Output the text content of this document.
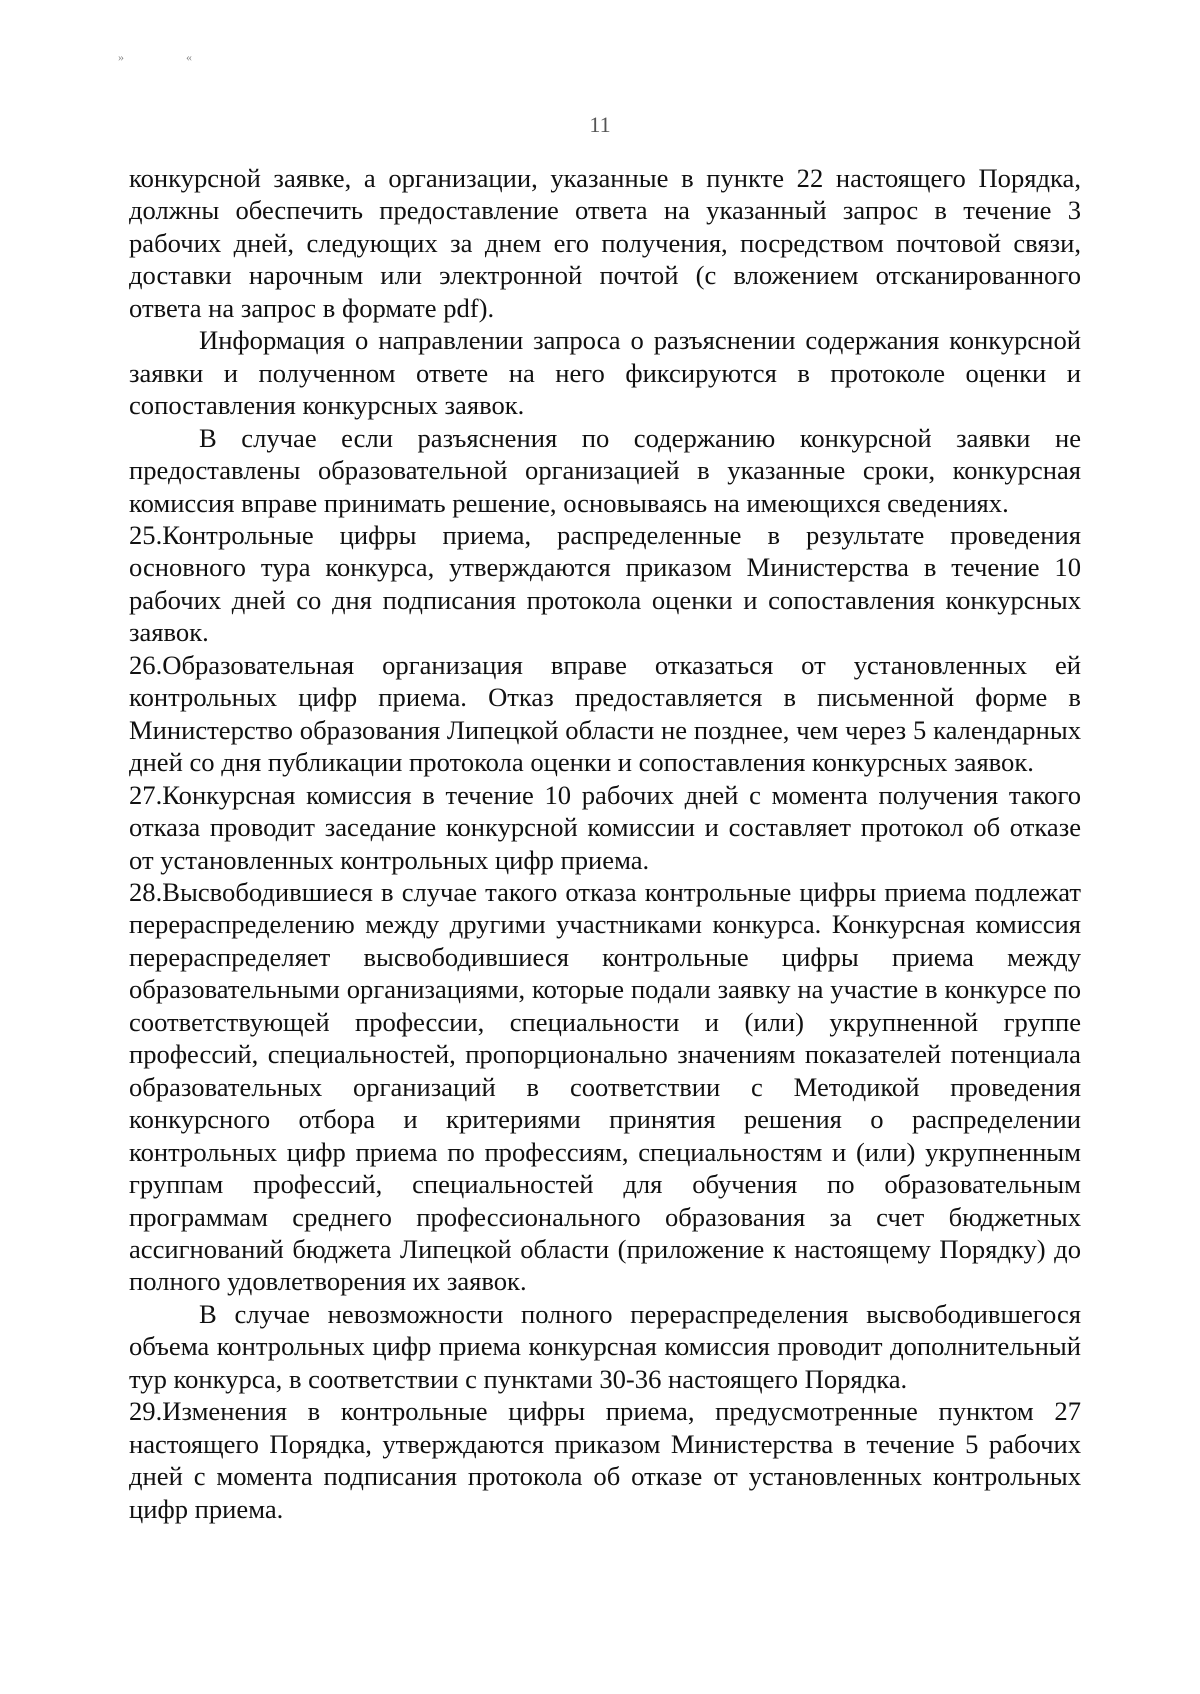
»	«
11

конкурсной заявке, а организации, указанные в пункте 22 настоящего Порядка, должны обеспечить предоставление ответа на указанный запрос в течение 3 рабочих дней, следующих за днем его получения, посредством почтовой связи, доставки нарочным или электронной почтой (с вложением отсканированного ответа на запрос в формате pdf).

Информация о направлении запроса о разъяснении содержания конкурсной заявки и полученном ответе на него фиксируются в протоколе оценки и сопоставления конкурсных заявок.

В случае если разъяснения по содержанию конкурсной заявки не предоставлены образовательной организацией в указанные сроки, конкурсная комиссия вправе принимать решение, основываясь на имеющихся сведениях.

25.Контрольные цифры приема, распределенные в результате проведения основного тура конкурса, утверждаются приказом Министерства в течение 10 рабочих дней со дня подписания протокола оценки и сопоставления конкурсных заявок.

26.Образовательная организация вправе отказаться от установленных ей контрольных цифр приема. Отказ предоставляется в письменной форме в Министерство образования Липецкой области не позднее, чем через 5 календарных дней со дня публикации протокола оценки и сопоставления конкурсных заявок.

27.Конкурсная комиссия в течение 10 рабочих дней с момента получения такого отказа проводит заседание конкурсной комиссии и составляет протокол об отказе от установленных контрольных цифр приема.

28.Высвободившиеся в случае такого отказа контрольные цифры приема подлежат перераспределению между другими участниками конкурса. Конкурсная комиссия перераспределяет высвободившиеся контрольные цифры приема между образовательными организациями, которые подали заявку на участие в конкурсе по соответствующей профессии, специальности и (или) укрупненной группе профессий, специальностей, пропорционально значениям показателей потенциала образовательных организаций в соответствии с Методикой проведения конкурсного отбора и критериями принятия решения о распределении контрольных цифр приема по профессиям, специальностям и (или) укрупненным группам профессий, специальностей для обучения по образовательным программам среднего профессионального образования за счет бюджетных ассигнований бюджета Липецкой области (приложение к настоящему Порядку) до полного удовлетворения их заявок.

В случае невозможности полного перераспределения высвободившегося объема контрольных цифр приема конкурсная комиссия проводит дополнительный тур конкурса, в соответствии с пунктами 30-36 настоящего Порядка.

29.Изменения в контрольные цифры приема, предусмотренные пунктом 27 настоящего Порядка, утверждаются приказом Министерства в течение 5 рабочих дней с момента подписания протокола об отказе от установленных контрольных цифр приема.
